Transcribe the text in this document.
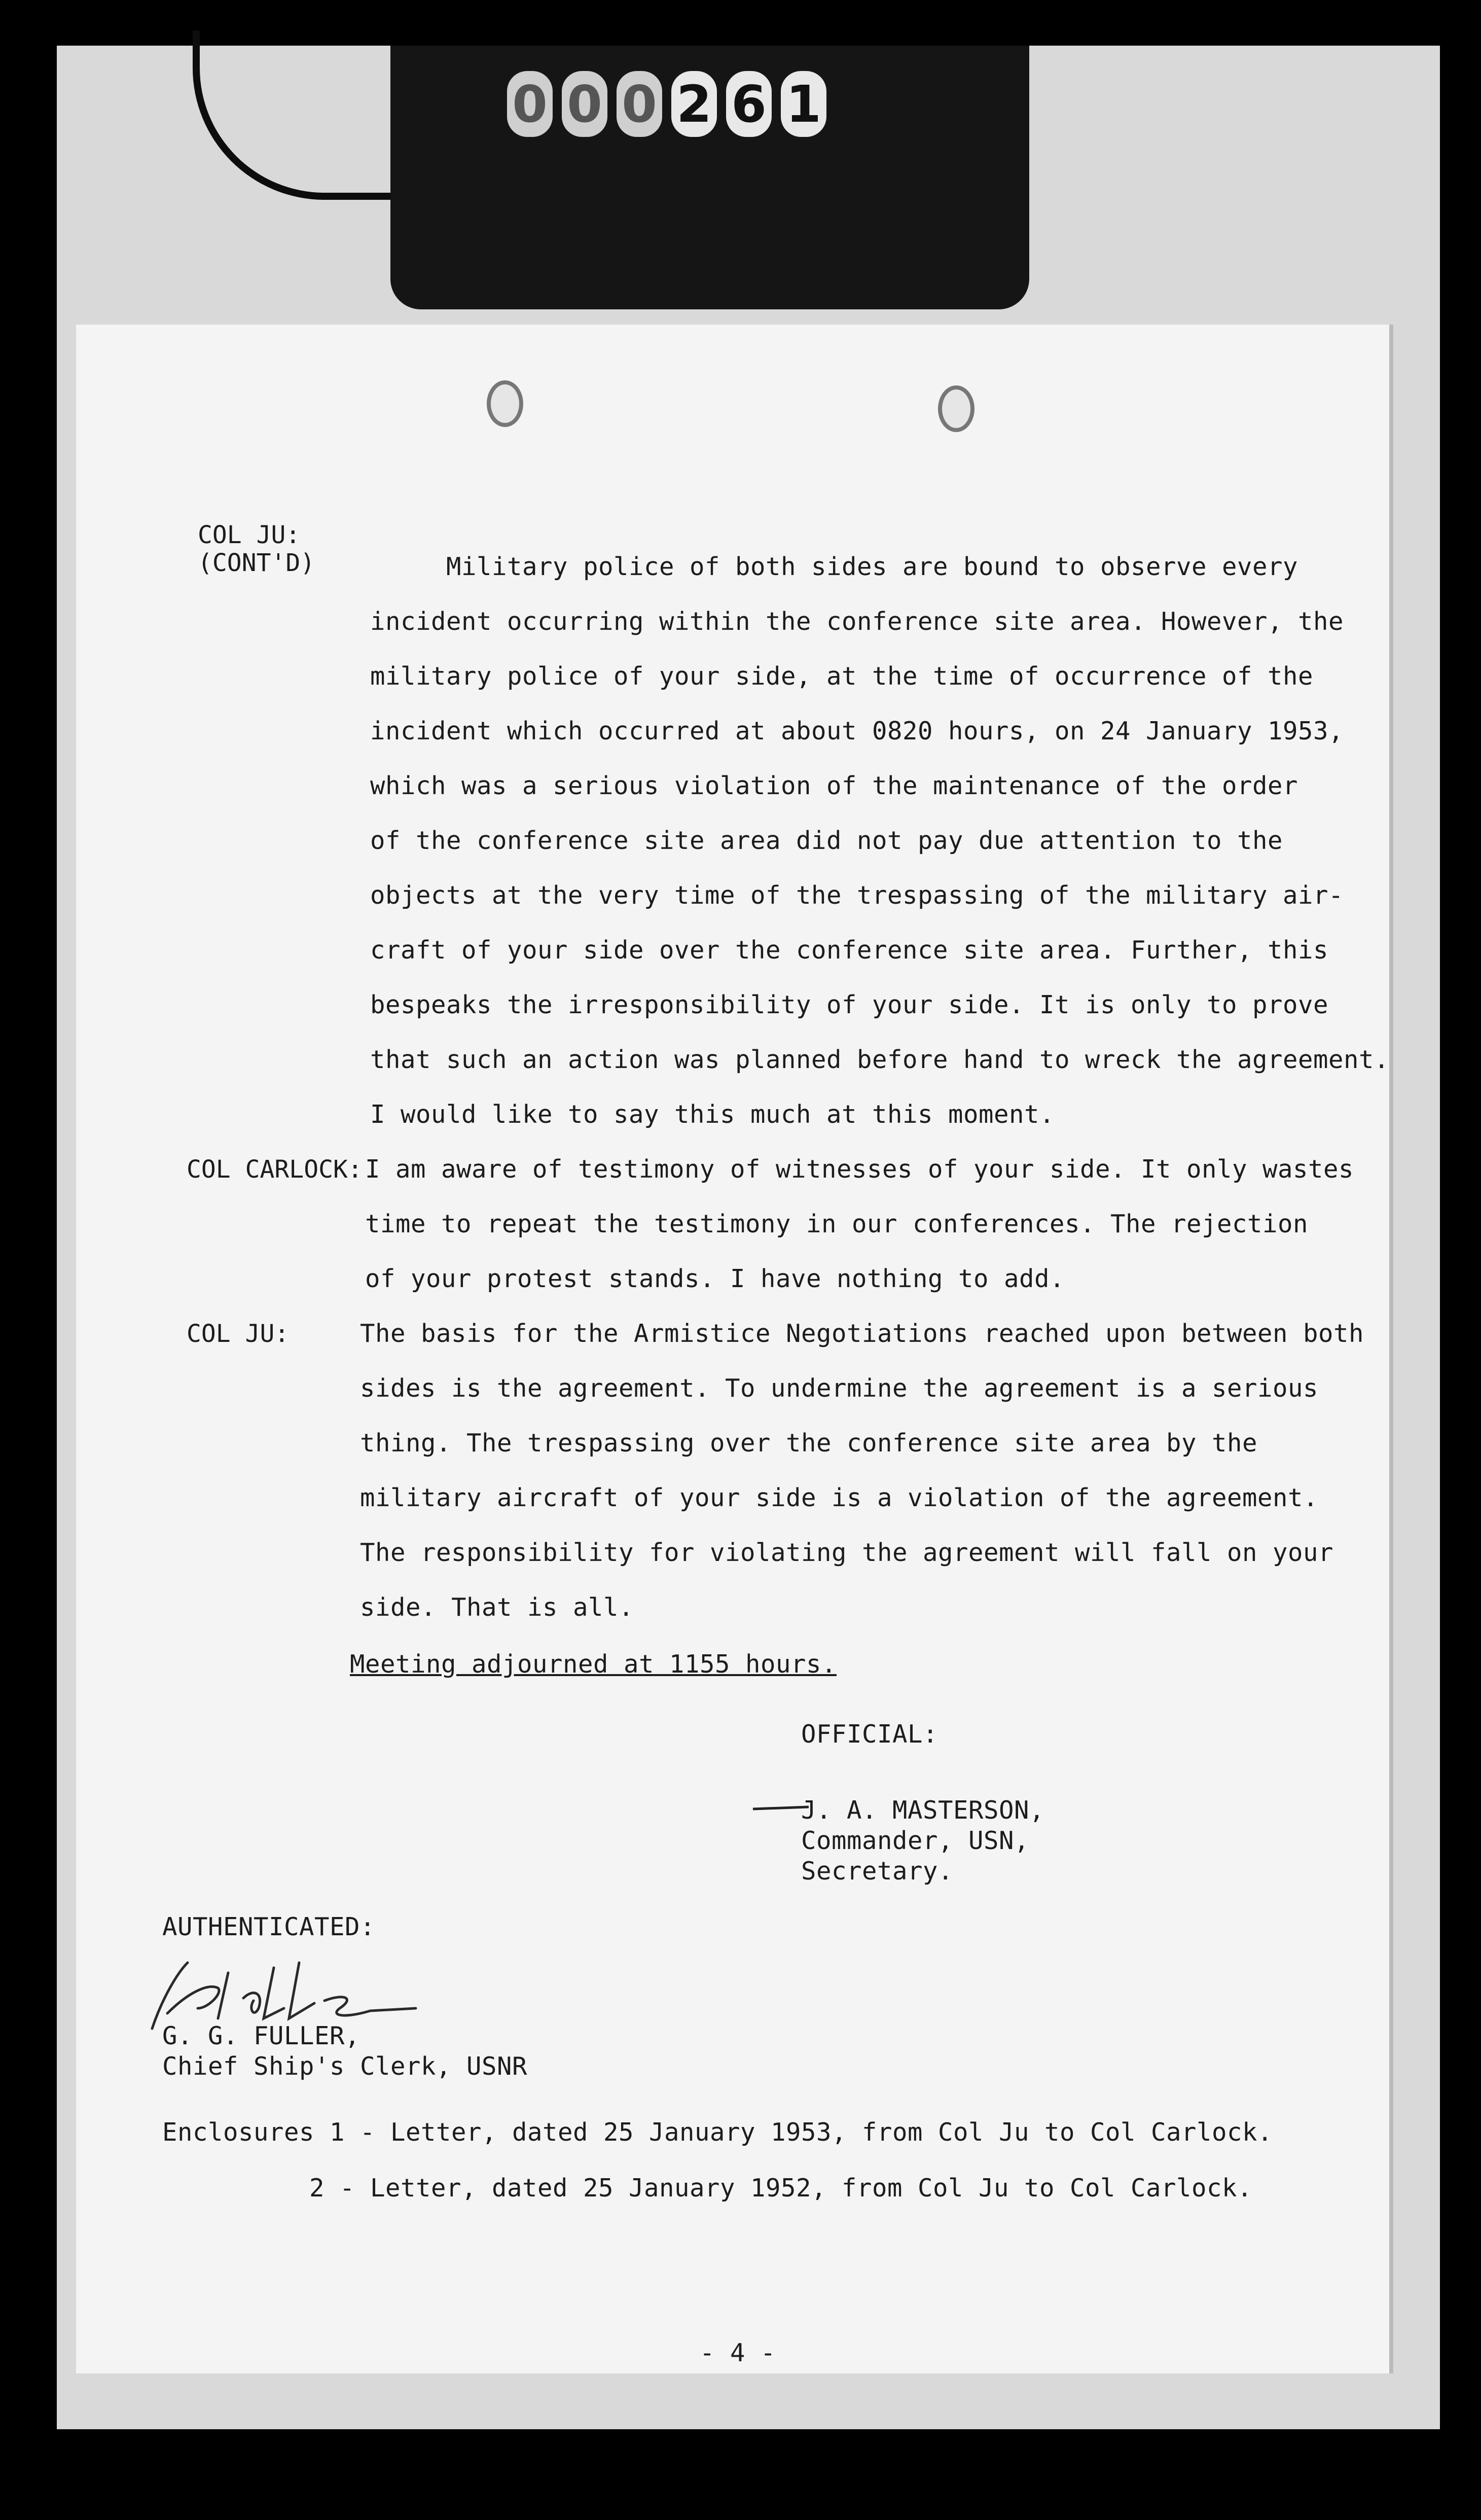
0 0 0 2 6 1
COL JU:
(CONT'D)	Military police of both sides are bound to observe every
incident occurring within the conference site area. However, the
military police of your side, at the time of occurrence of the
incident which occurred at about 0820 hours, on 24 January 1953,
which was a serious violation of the maintenance of the order
of the conference site area did not pay due attention to the
objects at the very time of the trespassing of the military air-
craft of your side over the conference site area. Further, this
bespeaks the irresponsibility of your side. It is only to prove
that such an action was planned before hand to wreck the agreement.
I would like to say this much at this moment.
COL CARLOCK: I am aware of testimony of witnesses of your side. It only wastes
time to repeat the testimony in our conferences. The rejection
of your protest stands. I have nothing to add.
COL JU:	The basis for the Armistice Negotiations reached upon between both
sides is the agreement. To undermine the agreement is a serious
thing. The trespassing over the conference site area by the
military aircraft of your side is a violation of the agreement.
The responsibility for violating the agreement will fall on your
side. That is all.
Meeting adjourned at 1155 hours.
OFFICIAL:
J. A. MASTERSON,
Commander, USN,
Secretary.
AUTHENTICATED:
G. G. FULLER,
Chief Ship's Clerk, USNR
Enclosures 1 - Letter, dated 25 January 1953, from Col Ju to Col Carlock.
2 - Letter, dated 25 January 1952, from Col Ju to Col Carlock.
- 4 -
